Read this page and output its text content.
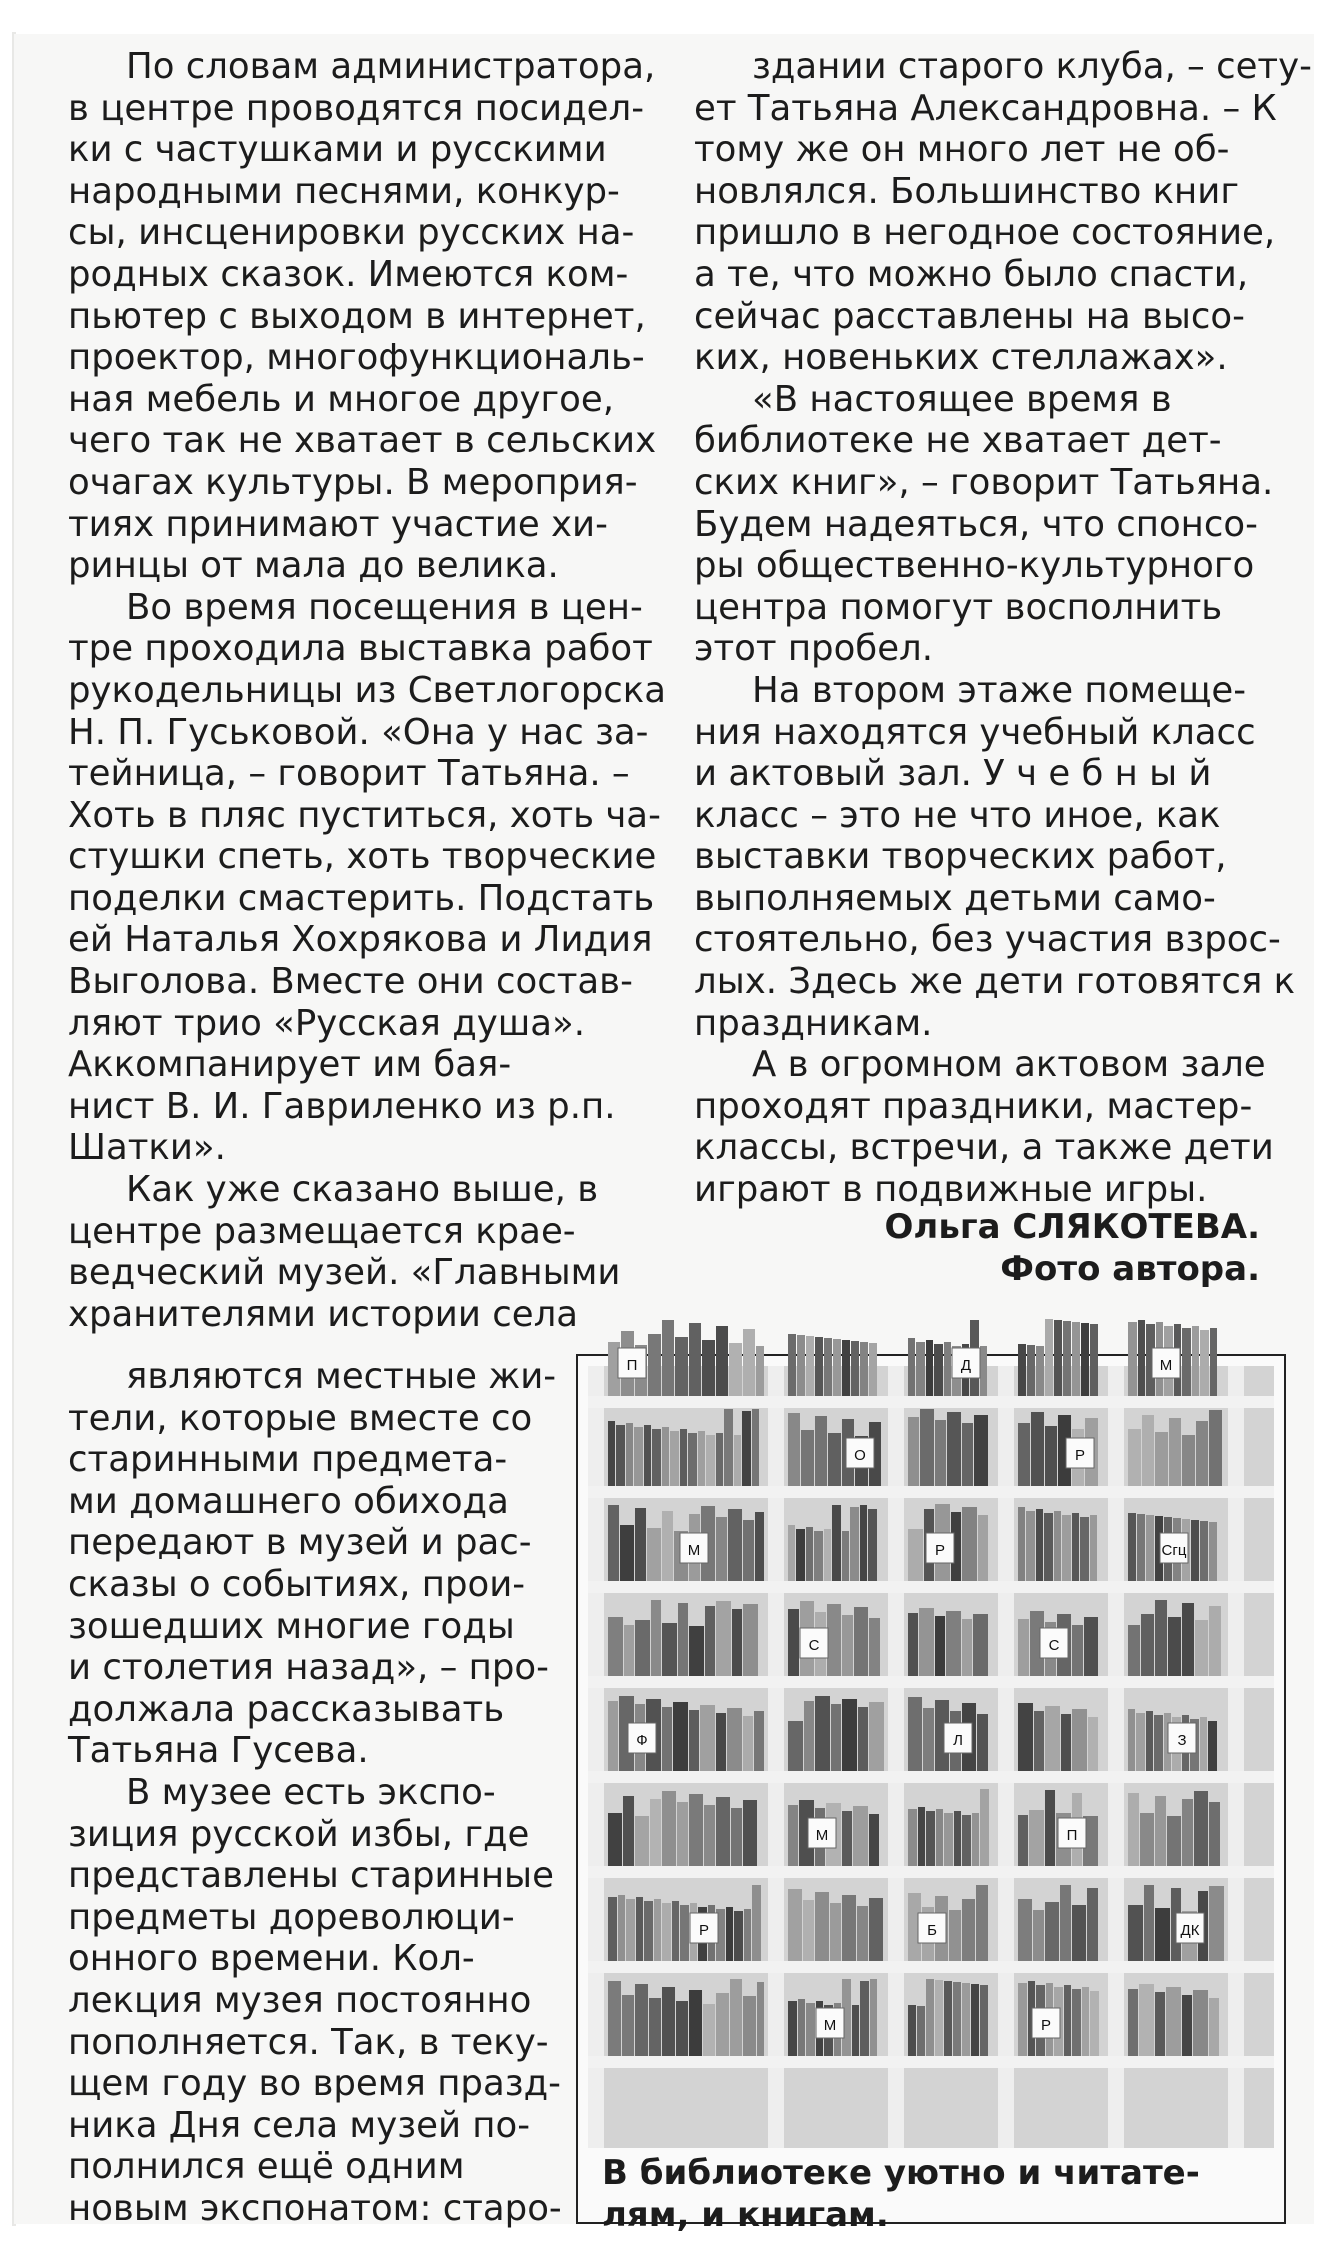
По словам администратора,
в центре проводятся посидел-
ки с частушками и русскими
народными песнями, конкур-
сы, инсценировки русских на-
родных сказок. Имеются ком-
пьютер с выходом в интернет,
проектор, многофункциональ-
ная мебель и многое другое,
чего так не хватает в сельских
очагах культуры. В мероприя-
тиях принимают участие хи-
ринцы от мала до велика.

Во время посещения в цен-
тре проходила выставка работ
рукодельницы из Светлогорска
Н. П. Гуськовой. «Она у нас за-
тейница, – говорит Татьяна. –
Хоть в пляс пуститься, хоть ча-
стушки спеть, хоть творческие
поделки смастерить. Подстать
ей Наталья Хохрякова и Лидия
Выголова. Вместе они состав-
ляют трио «Русская душа».
Аккомпанирует им бая-
нист В. И. Гавриленко из р.п.
Шатки».

Как уже сказано выше, в
центре размещается крае-
ведческий музей. «Главными
хранителями истории села

здании старого клуба, – сету-
ет Татьяна Александровна. – К
тому же он много лет не об-
новлялся. Большинство книг
пришло в негодное состояние,
а те, что можно было спасти,
сейчас расставлены на высо-
ких, новеньких стеллажах».

«В настоящее время в
библиотеке не хватает дет-
ских книг», – говорит Татьяна.
Будем надеяться, что спонсо-
ры общественно-культурного
центра помогут восполнить
этот пробел.

На втором этаже помеще-
ния находятся учебный класс
и актовый зал. У ч е б н ы й
класс – это не что иное, как
выставки творческих работ,
выполняемых детьми само-
стоятельно, без участия взрос-
лых. Здесь же дети готовятся к
праздникам.

А в огромном актовом зале
проходят праздники, мастер-
классы, встречи, а также дети
играют в подвижные игры.

являются местные жи-
тели, которые вместе со
старинными предмета-
ми домашнего обихода
передают в музей и рас-
сказы о событиях, прои-
зошедших многие годы
и столетия назад», – про-
должала рассказывать
Татьяна Гусева.

В музее есть экспо-
зиция русской избы, где
представлены старинные
предметы дореволюци-
онного времени. Кол-
лекция музея постоянно
пополняется. Так, в теку-
щем году во время празд-
ника Дня села музей по-
полнился ещё одним
новым экспонатом: старо-

Ольга СЛЯКОТЕВА.
Фото автора.
П	Д	М
О	Р
М	Р	Сгц
С	С
Ф	Л	З
М	П
Р	Б	ДК
М	Р
В библиотеке уютно и читате-
лям, и книгам.
